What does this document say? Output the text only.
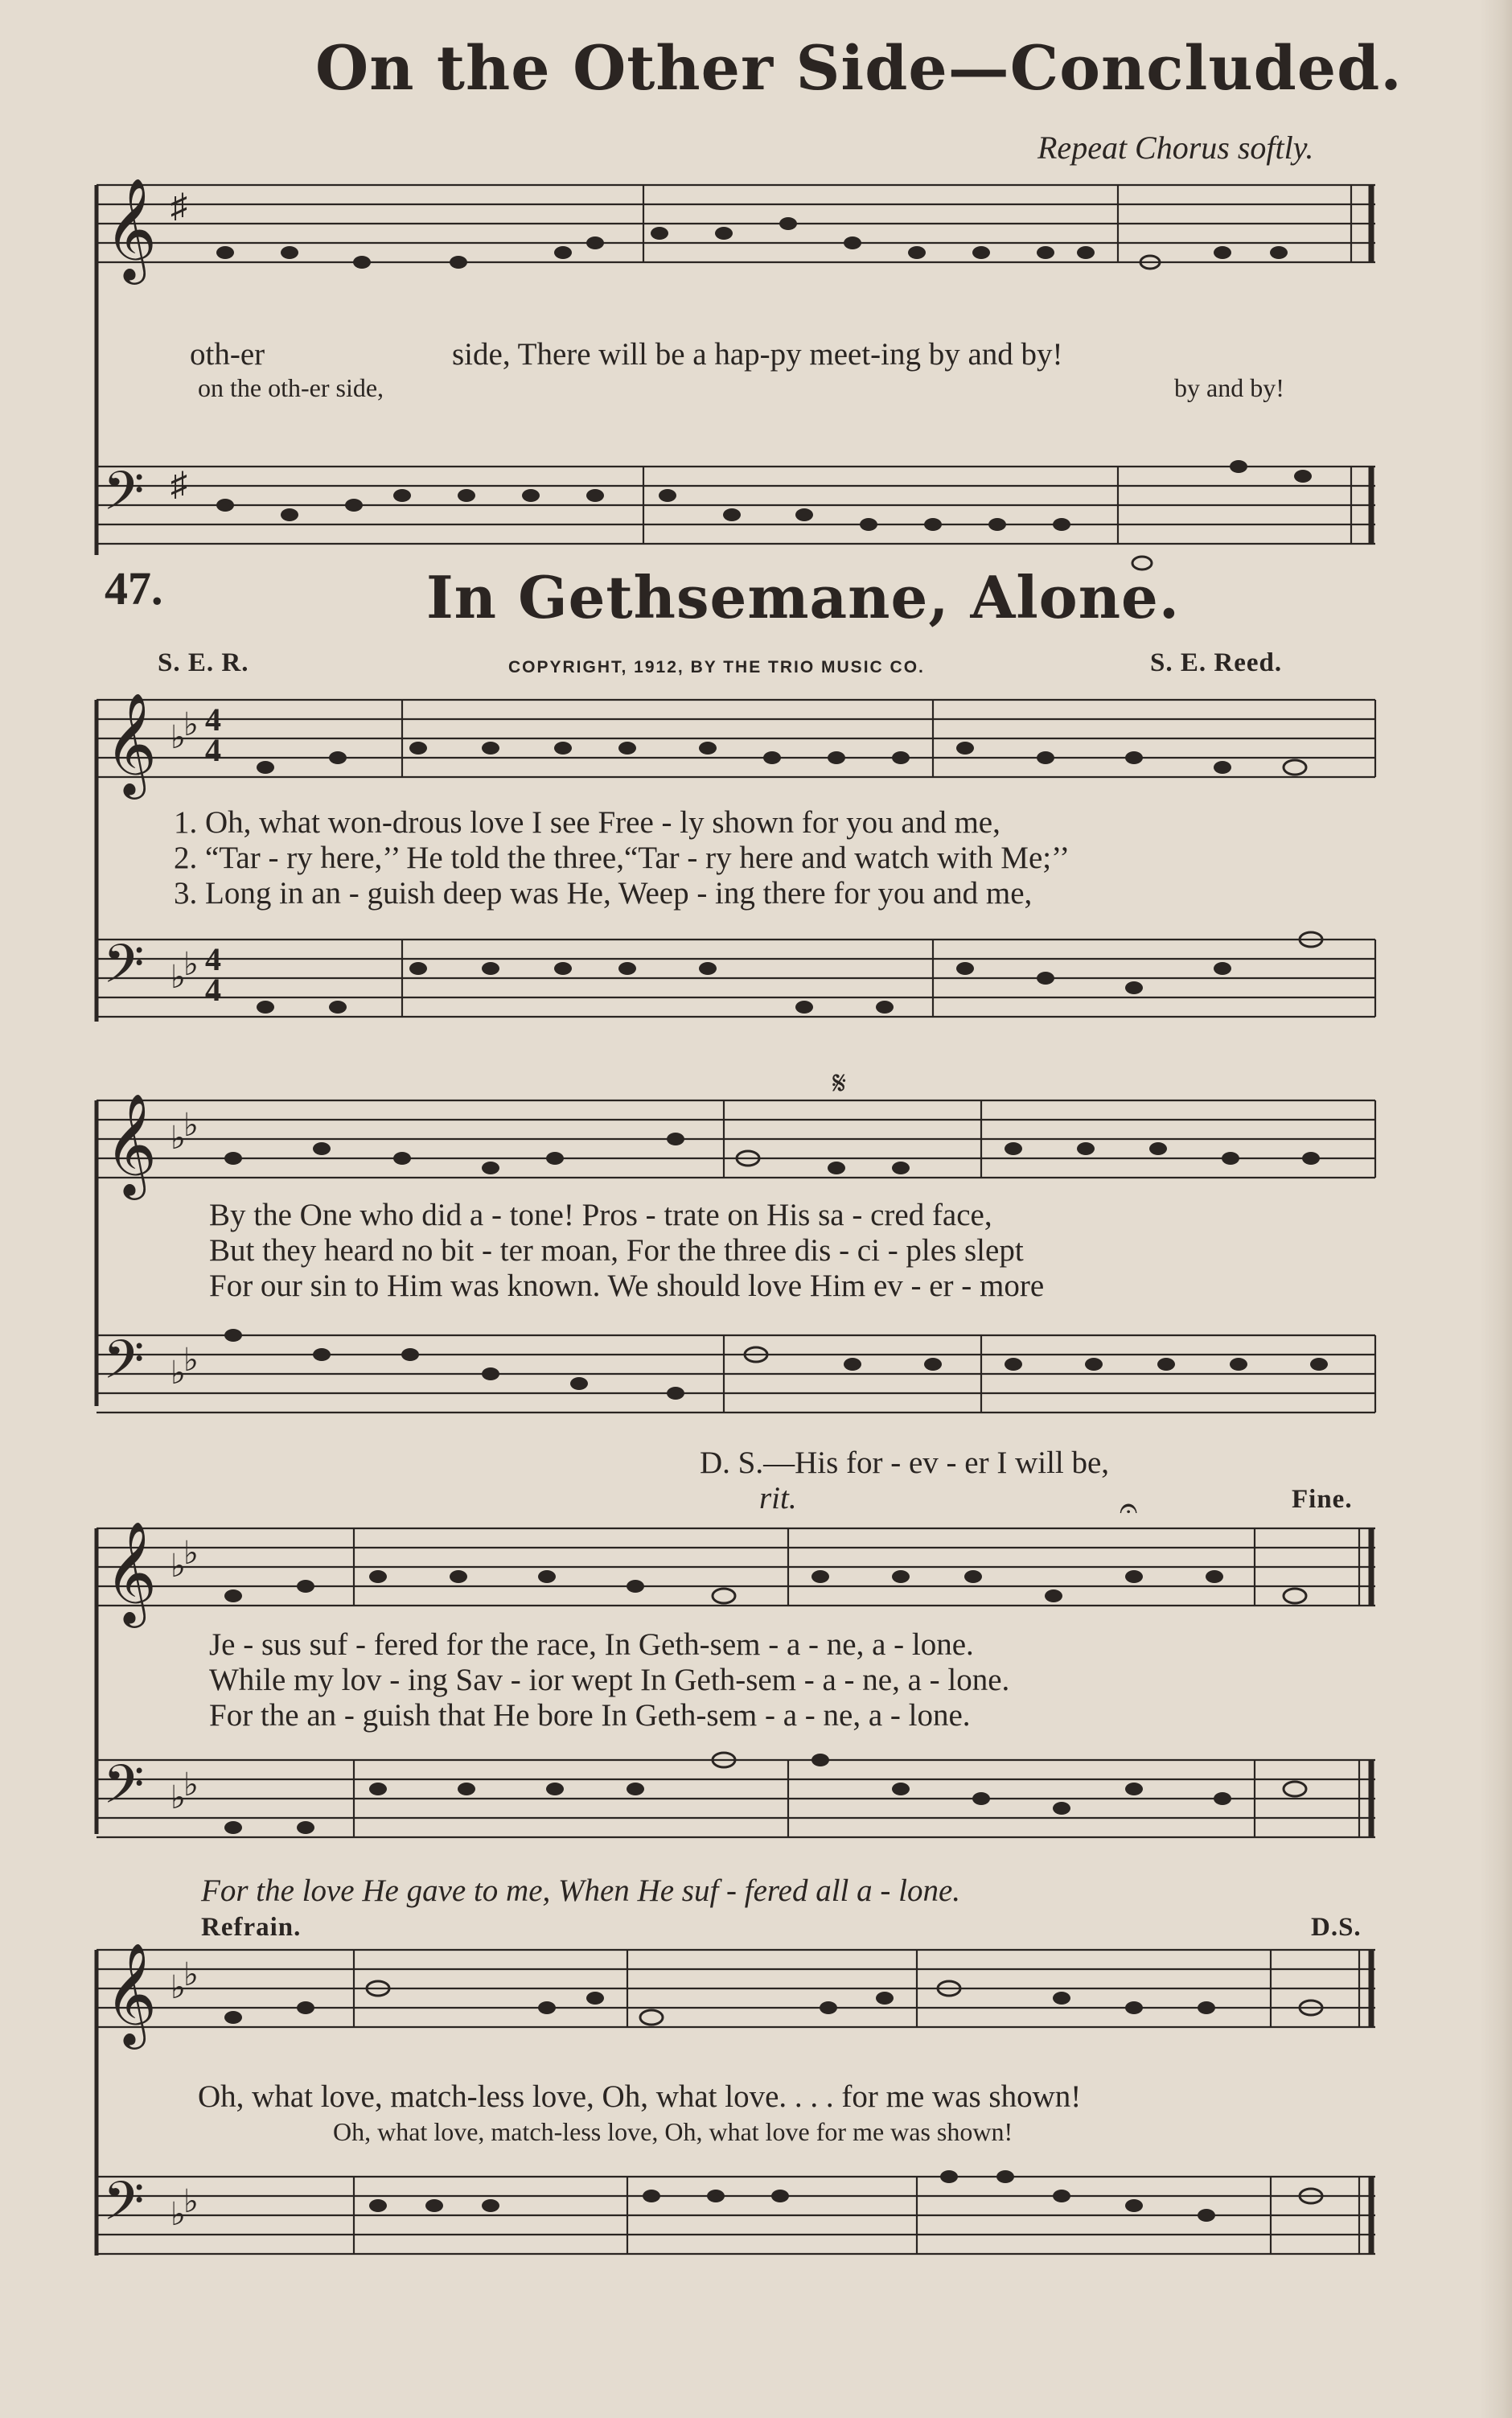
On the Other Side—Concluded.
Repeat Chorus softly.
𝄞 ♯
oth-er	side, There will be a hap-py meet-ing by and by!
on the oth-er side,	by and by!
𝄢 ♯
47.	In Gethsemane, Alone.
S. E. R.	COPYRIGHT, 1912, BY THE TRIO MUSIC CO.	S. E. Reed.
𝄞 ♭
♭ 4
4
1. Oh, what won-drous love I see Free - ly shown for you and me,
2. “Tar - ry here,’’ He told the three,“Tar - ry here and watch with Me;’’
3. Long in an - guish deep was He, Weep - ing there for you and me,
𝄢 ♭
♭ 4
4
𝄞 ♭
♭
𝄋
By the One who did a - tone! Pros - trate on His sa - cred face,
But they heard no bit - ter moan, For the three dis - ci - ples slept
For our sin to Him was known. We should love Him ev - er - more
𝄢 ♭
♭
D. S.—His for - ev - er I will be,
rit.	Fine.
𝄞 ♭
♭
𝄐
Je - sus suf - fered for the race, In Geth-sem - a - ne, a - lone.
While my lov - ing Sav - ior wept In Geth-sem - a - ne, a - lone.
For the an - guish that He bore In Geth-sem - a - ne, a - lone.
𝄢 ♭
♭
For the love He gave to me, When He suf - fered all a - lone.
Refrain.	D.S.
𝄞 ♭
♭
Oh, what love, match-less love, Oh, what love. . . . for me was shown!
Oh, what love, match-less love, Oh, what love for me was shown!
𝄢 ♭
♭
